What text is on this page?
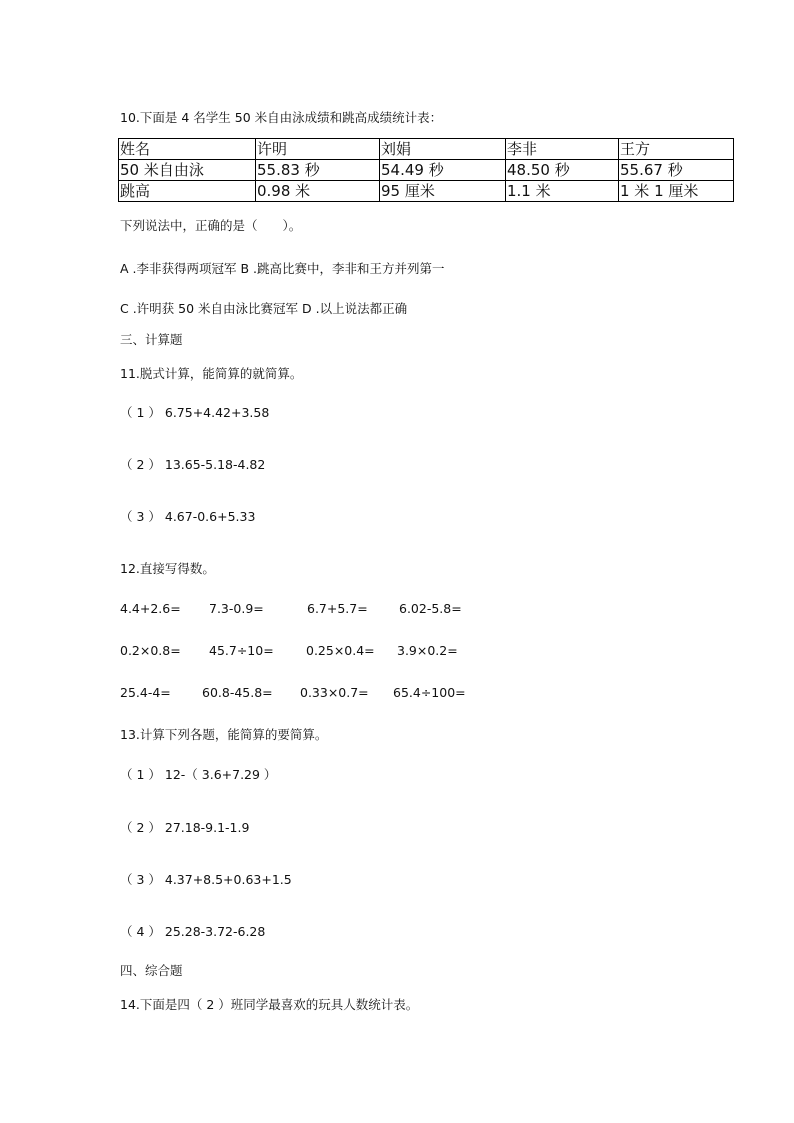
10.下面是 4 名学生 50 米自由泳成绩和跳高成绩统计表：
姓名	许明	刘娟	李非	王方
50 米自由泳	55.83 秒	54.49 秒	48.50 秒	55.67 秒
跳高	0.98 米	95 厘米	1.1 米	1 米 1 厘米
下列说法中，正确的是（　　）。
A .李非获得两项冠军 B .跳高比赛中，李非和王方并列第一
C .许明获 50 米自由泳比赛冠军 D .以上说法都正确
三、计算题
11.脱式计算，能简算的就简算。
（ 1 ） 6.75+4.42+3.58
（ 2 ） 13.65-5.18-4.82
（ 3 ） 4.67-0.6+5.33
12.直接写得数。
4.4+2.6= 7.3-0.9=	6.7+5.7=	6.02-5.8=
0.2×0.8= 45.7÷10=	0.25×0.4= 3.9×0.2=
25.4-4= 60.8-45.8= 0.33×0.7= 65.4÷100=
13.计算下列各题，能简算的要简算。
（ 1 ） 12-（ 3.6+7.29 ）
（ 2 ） 27.18-9.1-1.9
（ 3 ） 4.37+8.5+0.63+1.5
（ 4 ） 25.28-3.72-6.28
四、综合题
14.下面是四（ 2 ）班同学最喜欢的玩具人数统计表。
